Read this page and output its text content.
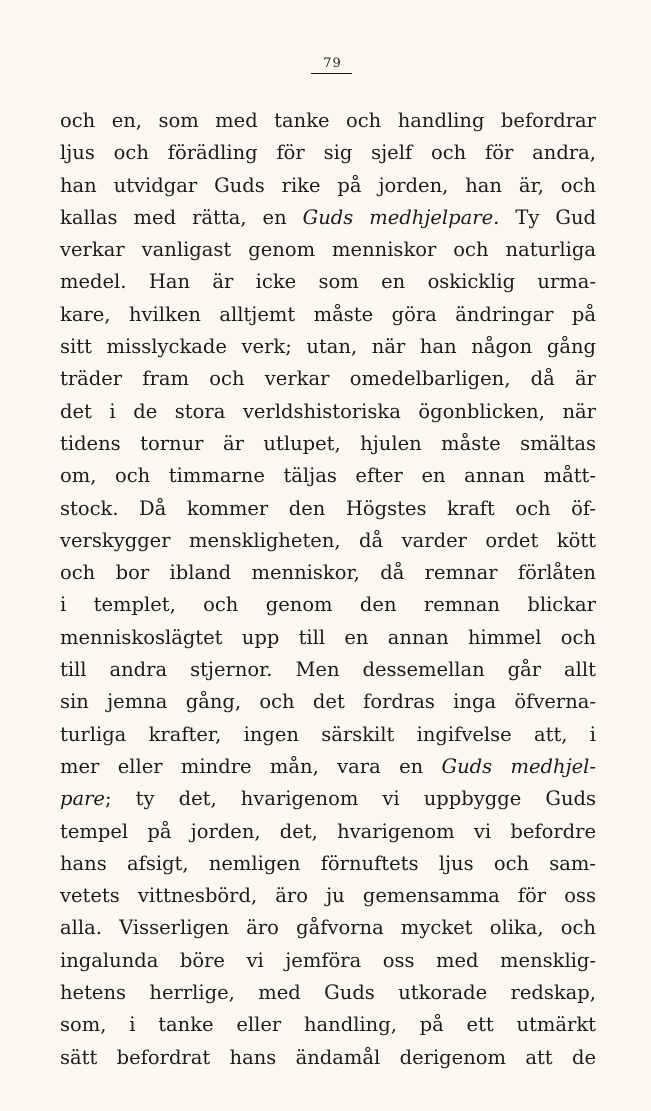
79
och en, som med tanke och handling befordrar
ljus och förädling för sig sjelf och för andra,
han utvidgar Guds rike på jorden, han är, och
kallas med rätta, en Guds medhjelpare. Ty Gud
verkar vanligast genom menniskor och naturliga
medel. Han är icke som en oskicklig urma-
kare, hvilken alltjemt måste göra ändringar på
sitt misslyckade verk; utan, när han någon gång
träder fram och verkar omedelbarligen, då är
det i de stora verldshistoriska ögonblicken, när
tidens tornur är utlupet, hjulen måste smältas
om, och timmarne täljas efter en annan mått-
stock. Då kommer den Högstes kraft och öf-
verskygger menskligheten, då varder ordet kött
och bor ibland menniskor, då remnar förlåten
i templet, och genom den remnan blickar
menniskoslägtet upp till en annan himmel och
till andra stjernor. Men dessemellan går allt
sin jemna gång, och det fordras inga öfverna-
turliga krafter, ingen särskilt ingifvelse att, i
mer eller mindre mån, vara en Guds medhjel-
pare; ty det, hvarigenom vi uppbygge Guds
tempel på jorden, det, hvarigenom vi befordre
hans afsigt, nemligen förnuftets ljus och sam-
vetets vittnesbörd, äro ju gemensamma för oss
alla. Visserligen äro gåfvorna mycket olika, och
ingalunda böre vi jemföra oss med mensklig-
hetens herrlige, med Guds utkorade redskap,
som, i tanke eller handling, på ett utmärkt
sätt befordrat hans ändamål derigenom att de
